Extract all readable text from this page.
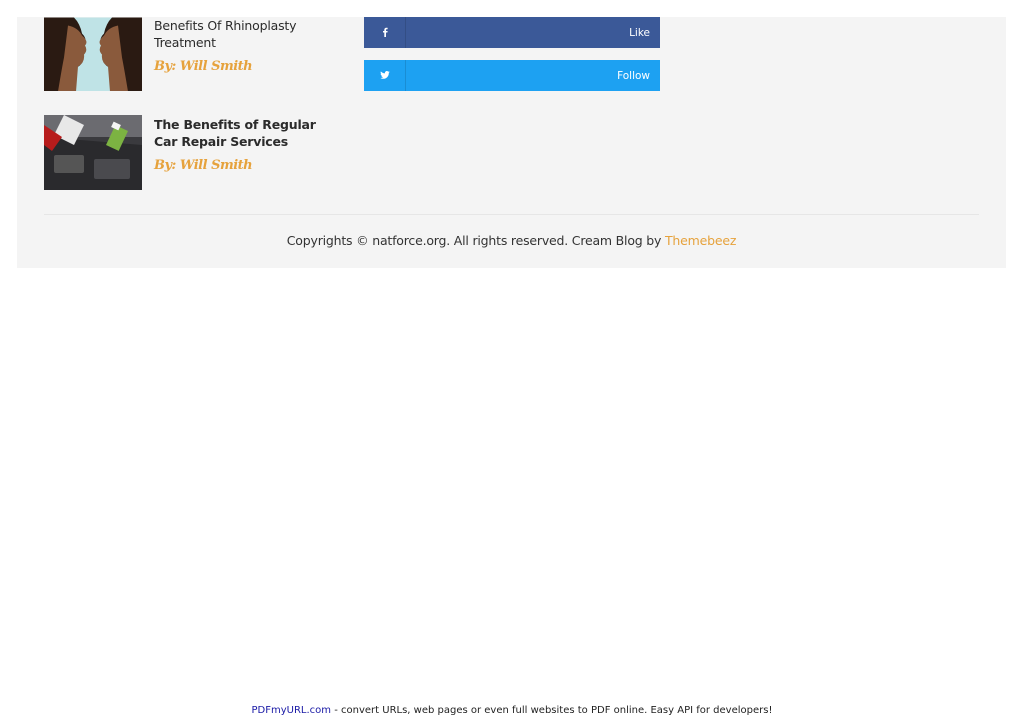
Benefits Of Rhinoplasty Treatment
By: Will Smith
The Benefits of Regular Car Repair Services
By: Will Smith
Like
Follow
Copyrights © natforce.org. All rights reserved. Cream Blog by Themebeez
PDFmyURL.com - convert URLs, web pages or even full websites to PDF online. Easy API for developers!
